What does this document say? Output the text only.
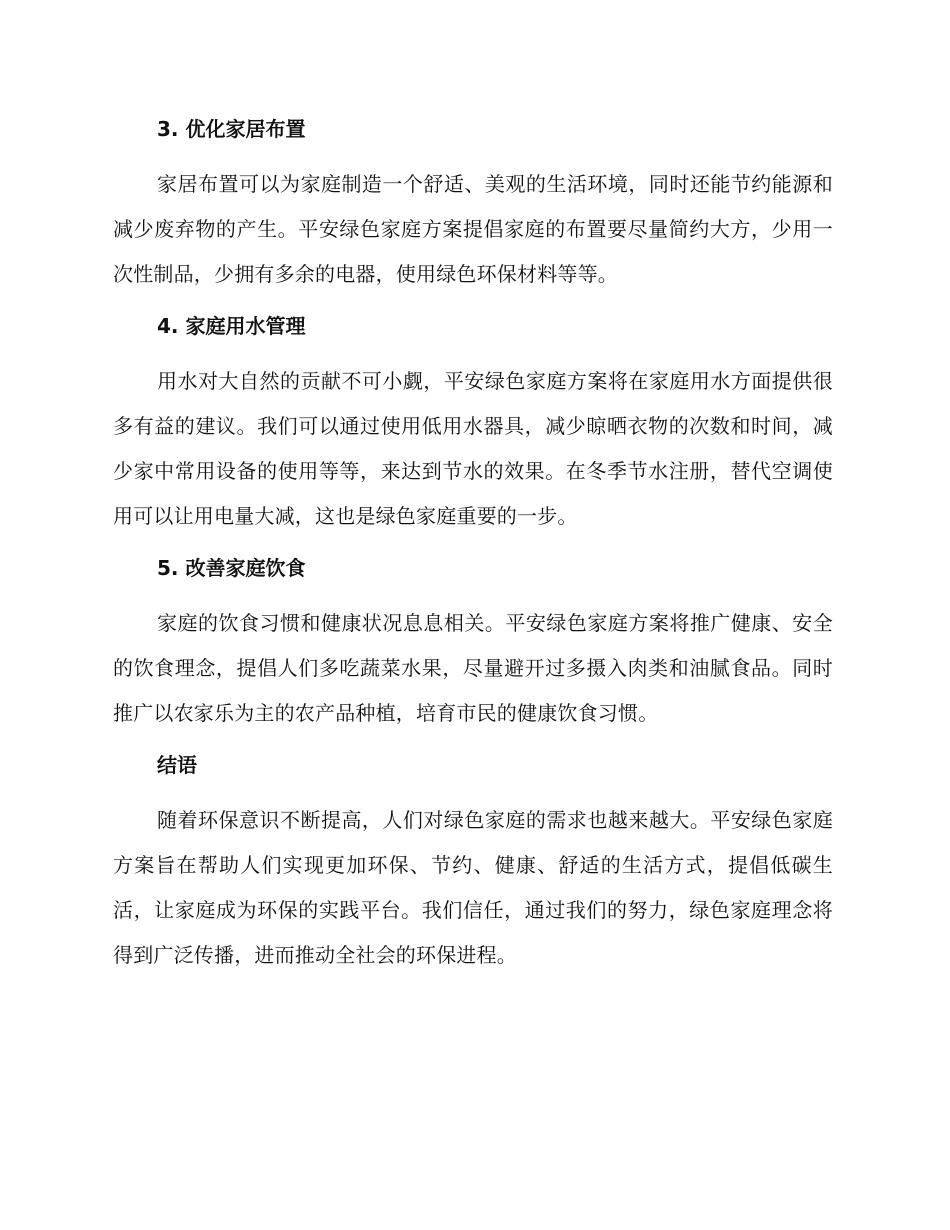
3. 优化家居布置

家居布置可以为家庭制造一个舒适、美观的生活环境，同时还能节约能源和减少废弃物的产生。平安绿色家庭方案提倡家庭的布置要尽量简约大方，少用一次性制品，少拥有多余的电器，使用绿色环保材料等等。

4. 家庭用水管理

用水对大自然的贡献不可小觑，平安绿色家庭方案将在家庭用水方面提供很多有益的建议。我们可以通过使用低用水器具，减少晾晒衣物的次数和时间，减少家中常用设备的使用等等，来达到节水的效果。在冬季节水注册，替代空调使用可以让用电量大减，这也是绿色家庭重要的一步。

5. 改善家庭饮食

家庭的饮食习惯和健康状况息息相关。平安绿色家庭方案将推广健康、安全的饮食理念，提倡人们多吃蔬菜水果，尽量避开过多摄入肉类和油腻食品。同时推广以农家乐为主的农产品种植，培育市民的健康饮食习惯。

结语

随着环保意识不断提高，人们对绿色家庭的需求也越来越大。平安绿色家庭方案旨在帮助人们实现更加环保、节约、健康、舒适的生活方式，提倡低碳生活，让家庭成为环保的实践平台。我们信任，通过我们的努力，绿色家庭理念将得到广泛传播，进而推动全社会的环保进程。
